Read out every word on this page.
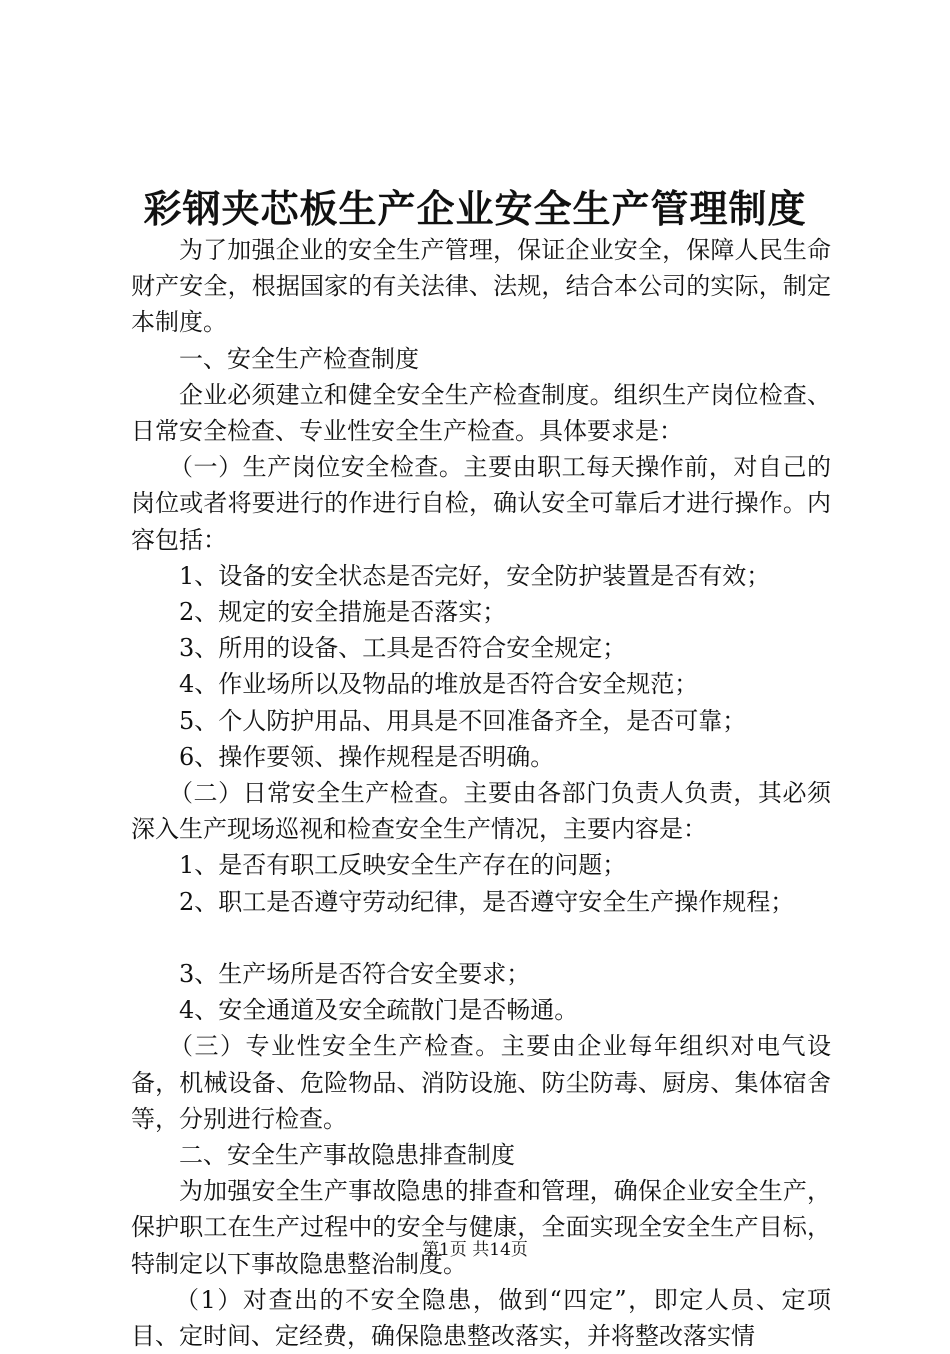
彩钢夹芯板生产企业安全生产管理制度

为了加强企业的安全生产管理，保证企业安全，保障人民生命财产安全，根据国家的有关法律、法规，结合本公司的实际，制定本制度。

一、安全生产检查制度

企业必须建立和健全安全生产检查制度。组织生产岗位检查、日常安全检查、专业性安全生产检查。具体要求是：

（一）生产岗位安全检查。主要由职工每天操作前，对自己的岗位或者将要进行的作进行自检，确认安全可靠后才进行操作。内容包括：

1、设备的安全状态是否完好，安全防护装置是否有效；

2、规定的安全措施是否落实；

3、所用的设备、工具是否符合安全规定；

4、作业场所以及物品的堆放是否符合安全规范；

5、个人防护用品、用具是不回准备齐全，是否可靠；

6、操作要领、操作规程是否明确。

（二）日常安全生产检查。主要由各部门负责人负责，其必须深入生产现场巡视和检查安全生产情况，主要内容是：

1、是否有职工反映安全生产存在的问题；

2、职工是否遵守劳动纪律，是否遵守安全生产操作规程；

3、生产场所是否符合安全要求；

4、安全通道及安全疏散门是否畅通。

（三）专业性安全生产检查。主要由企业每年组织对电气设备，机械设备、危险物品、消防设施、防尘防毒、厨房、集体宿舍等，分别进行检查。

二、安全生产事故隐患排查制度

为加强安全生产事故隐患的排查和管理，确保企业安全生产，保护职工在生产过程中的安全与健康，全面实现全安全生产目标，特制定以下事故隐患整治制度。

（1）对查出的不安全隐患，做到“四定”，即定人员、定项目、定时间、定经费，确保隐患整改落实，并将整改落实情

第1页 共14页
